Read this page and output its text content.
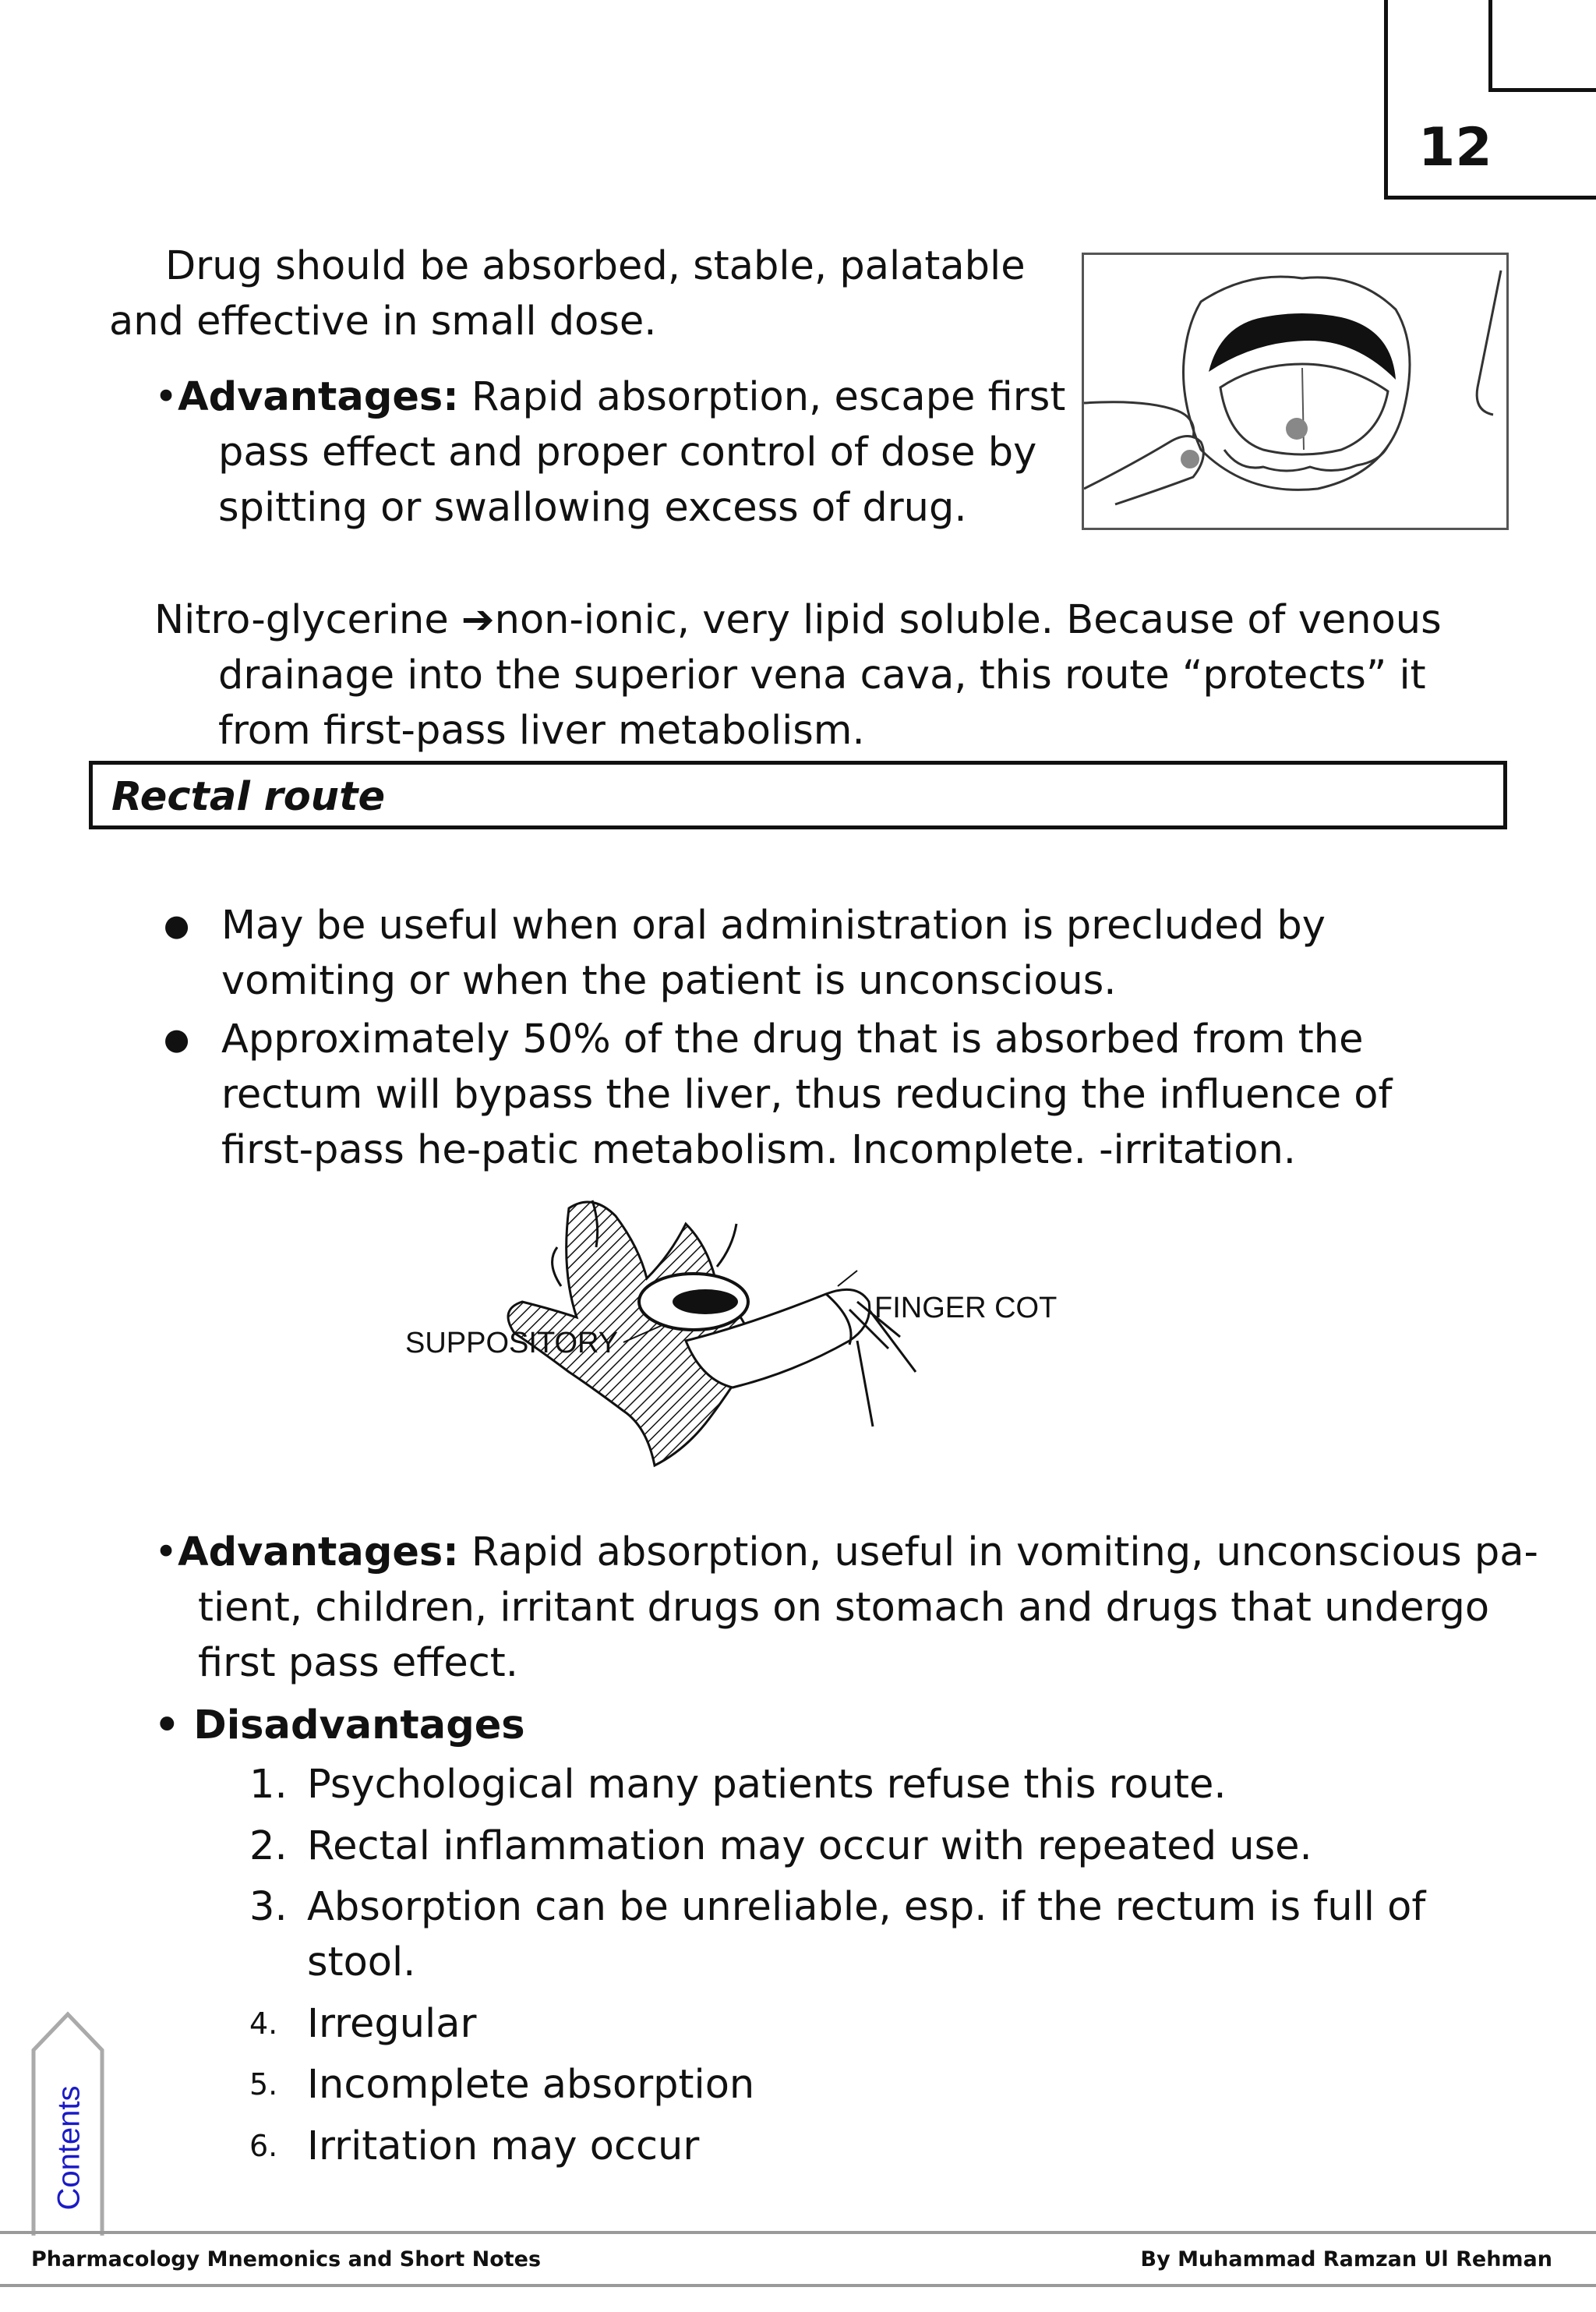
12
Drug should be absorbed, stable, palatable and effective in small dose.
•Advantages: Rapid absorption, escape first pass effect and proper control of dose by spitting or swallowing excess of drug.
Nitro-glycerine ➔non-ionic, very lipid soluble. Because of venous drainage into the superior vena cava, this route “protects” it from first-pass liver metabolism.
Rectal route
● May be useful when oral administration is precluded by vomiting or when the patient is unconscious.
● Approximately 50% of the drug that is absorbed from the rectum will bypass the liver, thus reducing the influence of first-pass he-patic metabolism. Incomplete. -irritation.
SUPPOSITORY
FINGER COT
•Advantages: Rapid absorption, useful in vomiting, unconscious pa-tient, children, irritant drugs on stomach and drugs that undergo first pass effect.
• Disadvantages
1. Psychological many patients refuse this route.
2. Rectal inflammation may occur with repeated use.
3. Absorption can be unreliable, esp. if the rectum is full of stool.
4. Irregular
5. Incomplete absorption
6. Irritation may occur
Contents
Pharmacology Mnemonics and Short Notes	By Muhammad Ramzan Ul Rehman
